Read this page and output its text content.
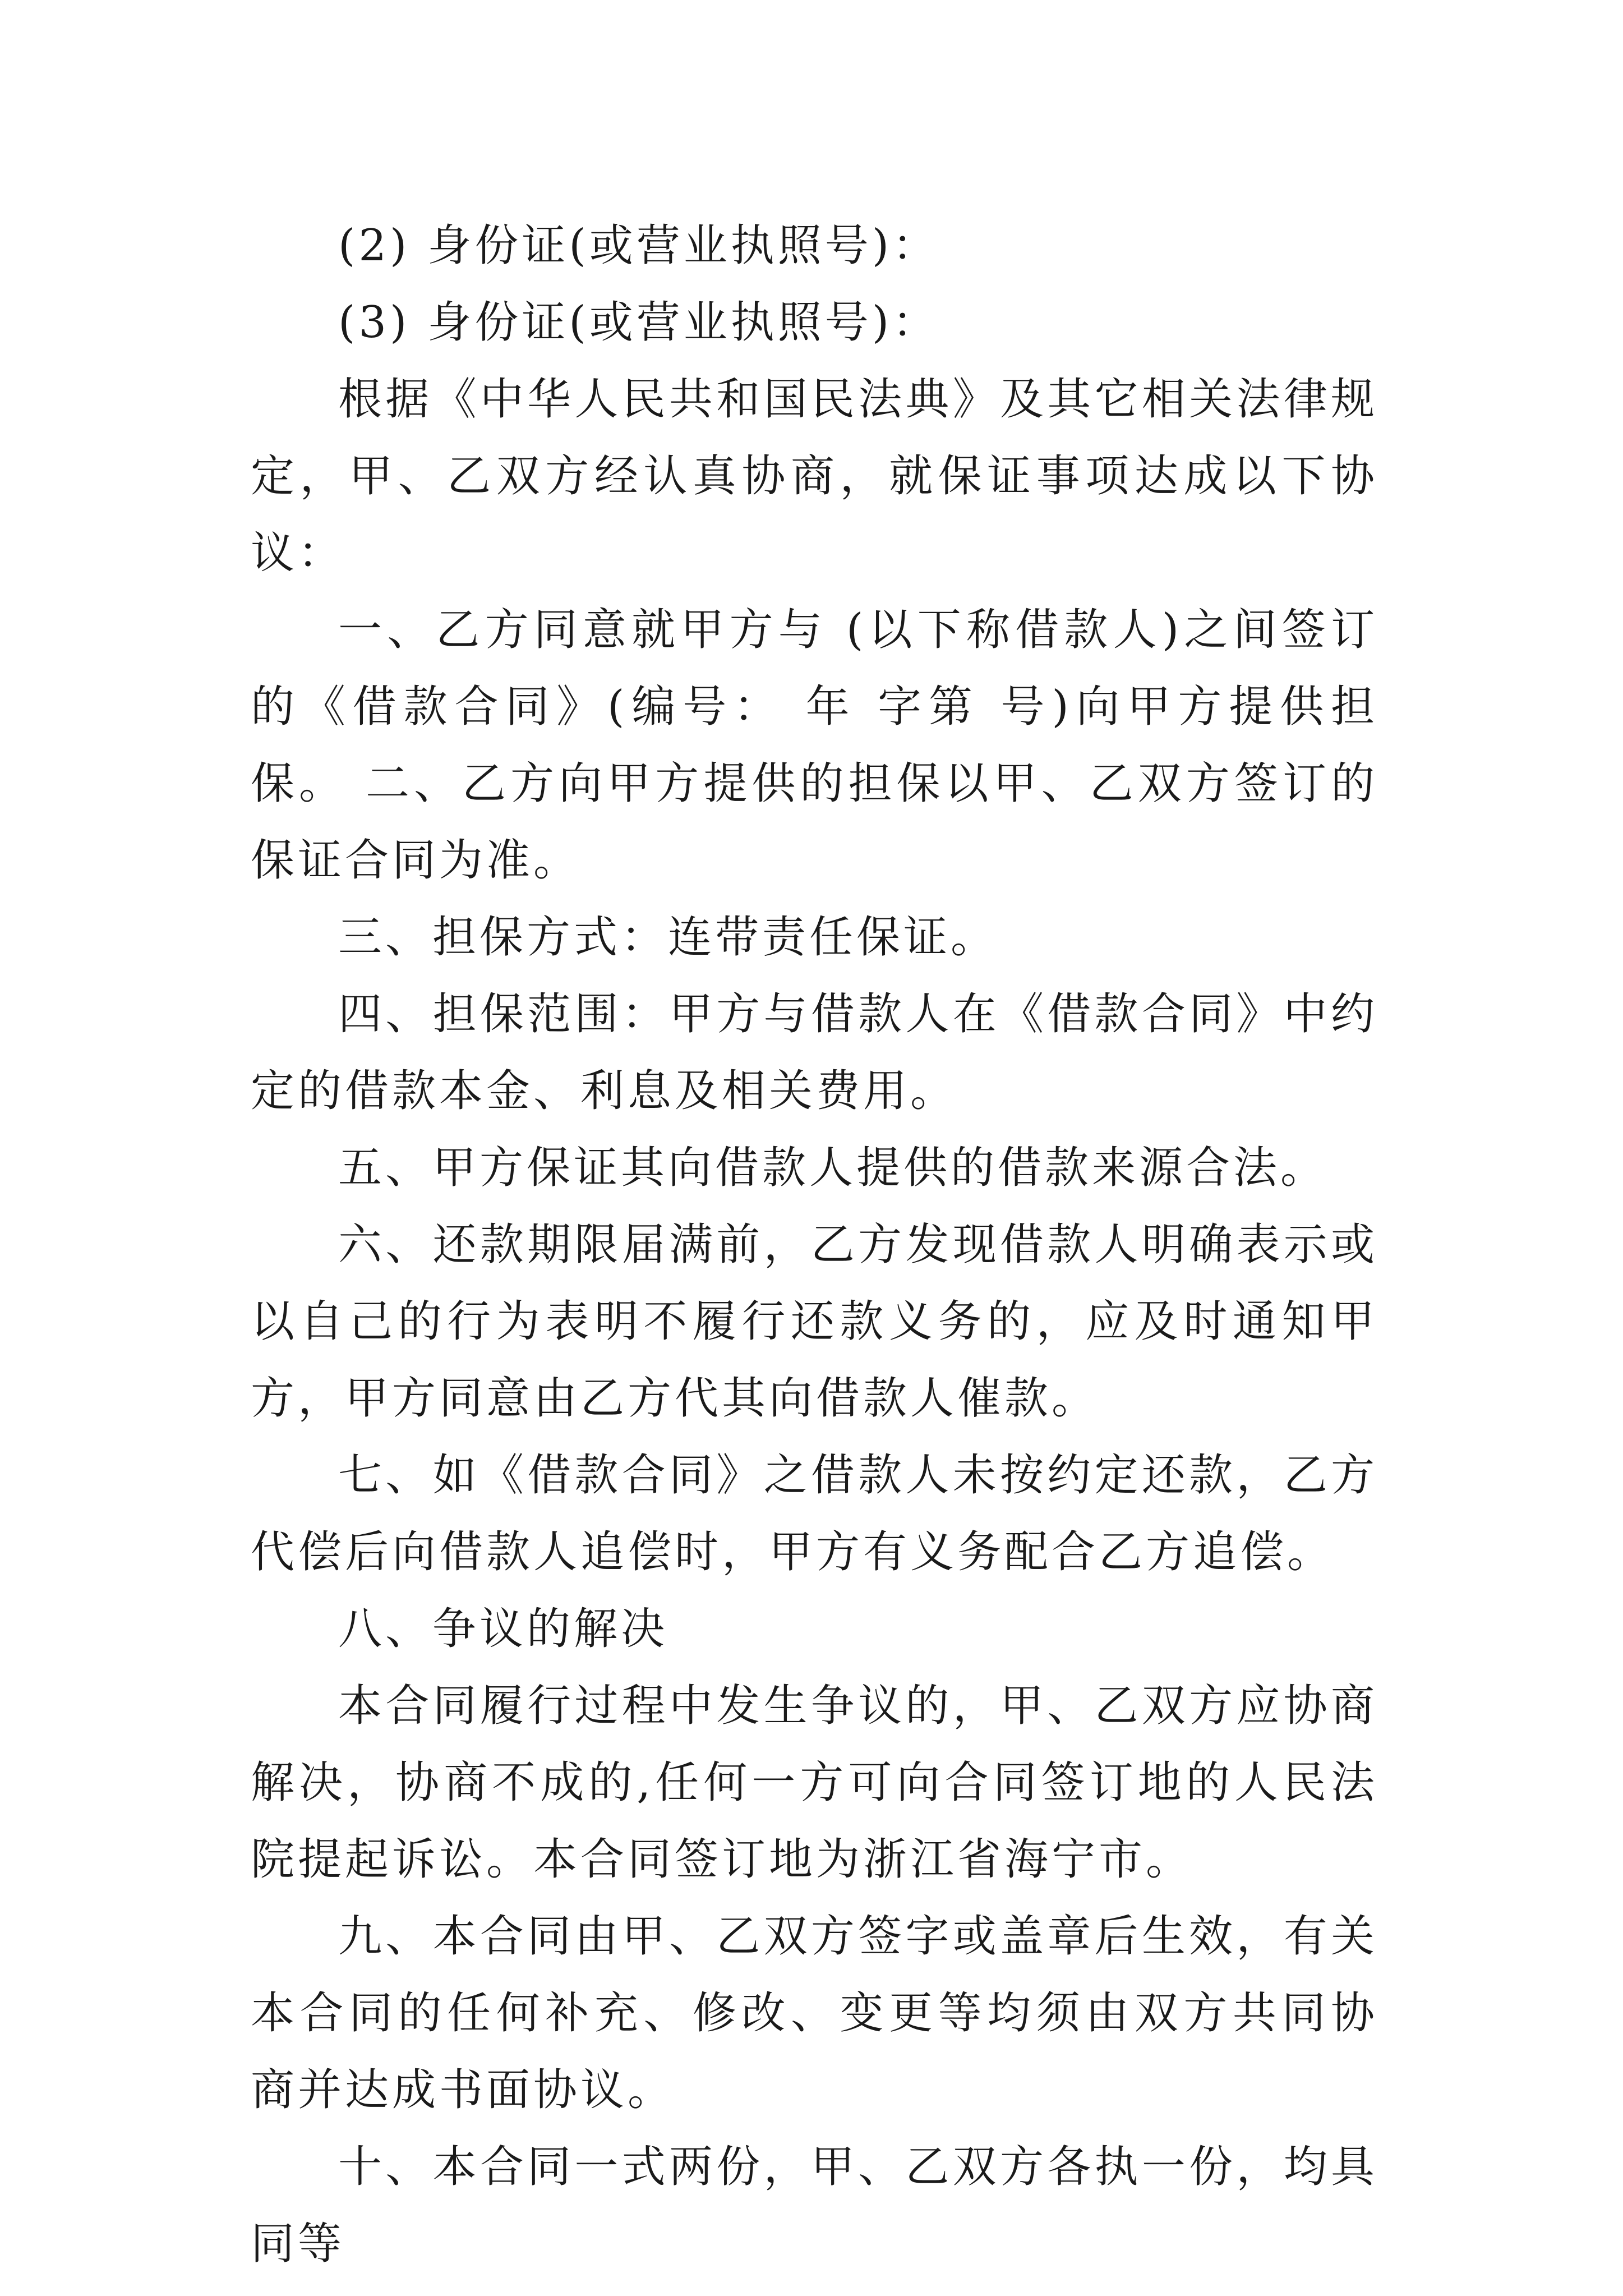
(2) 身份证(或营业执照号)：

(3) 身份证(或营业执照号)：

根据《中华人民共和国民法典》及其它相关法律规定，甲、乙双方经认真协商，就保证事项达成以下协议：

一、乙方同意就甲方与 (以下称借款人)之间签订的《借款合同》(编号： 年 字第 号)向甲方提供担保。 二、乙方向甲方提供的担保以甲、乙双方签订的保证合同为准。

三、担保方式：连带责任保证。

四、担保范围：甲方与借款人在《借款合同》中约定的借款本金、利息及相关费用。

五、甲方保证其向借款人提供的借款来源合法。

六、还款期限届满前，乙方发现借款人明确表示或以自己的行为表明不履行还款义务的，应及时通知甲方，甲方同意由乙方代其向借款人催款。

七、如《借款合同》之借款人未按约定还款，乙方代偿后向借款人追偿时，甲方有义务配合乙方追偿。

八、争议的解决

本合同履行过程中发生争议的，甲、乙双方应协商解决，协商不成的,任何一方可向合同签订地的人民法院提起诉讼。本合同签订地为浙江省海宁市。

九、本合同由甲、乙双方签字或盖章后生效，有关本合同的任何补充、修改、变更等均须由双方共同协商并达成书面协议。

十、本合同一式两份，甲、乙双方各执一份，均具同等
